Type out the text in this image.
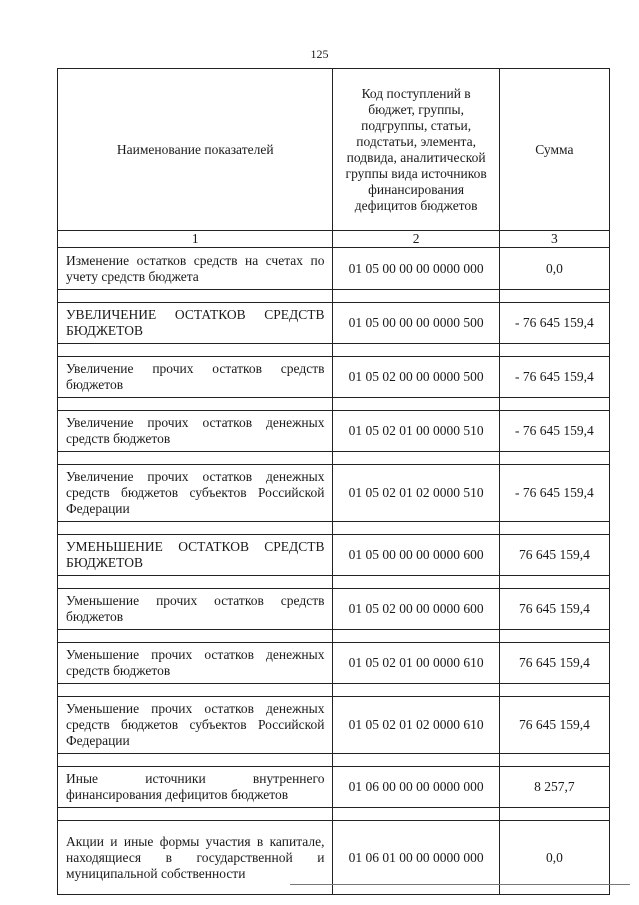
125
Наименование показателей	Код поступлений в бюджет, группы, подгруппы, статьи, подстатьи, элемента, подвида, аналитической группы вида источников финансирования дефицитов бюджетов	Сумма
1	2	3
Изменение остатков средств на счетах по учету средств бюджета	01 05 00 00 00 0000 000	0,0

УВЕЛИЧЕНИЕ ОСТАТКОВ СРЕДСТВ БЮДЖЕТОВ	01 05 00 00 00 0000 500	- 76 645 159,4

Увеличение прочих остатков средств бюджетов	01 05 02 00 00 0000 500	- 76 645 159,4

Увеличение прочих остатков денежных средств бюджетов	01 05 02 01 00 0000 510	- 76 645 159,4

Увеличение прочих остатков денежных средств бюджетов субъектов Российской Федерации	01 05 02 01 02 0000 510	- 76 645 159,4

УМЕНЬШЕНИЕ ОСТАТКОВ СРЕДСТВ БЮДЖЕТОВ	01 05 00 00 00 0000 600	76 645 159,4

Уменьшение прочих остатков средств бюджетов	01 05 02 00 00 0000 600	76 645 159,4

Уменьшение прочих остатков денежных средств бюджетов	01 05 02 01 00 0000 610	76 645 159,4

Уменьшение прочих остатков денежных средств бюджетов субъектов Российской Федерации	01 05 02 01 02 0000 610	76 645 159,4

Иные источники внутреннего финансирования дефицитов бюджетов	01 06 00 00 00 0000 000	8 257,7

Акции и иные формы участия в капитале, находящиеся в государственной и муниципальной собственности	01 06 01 00 00 0000 000	0,0
